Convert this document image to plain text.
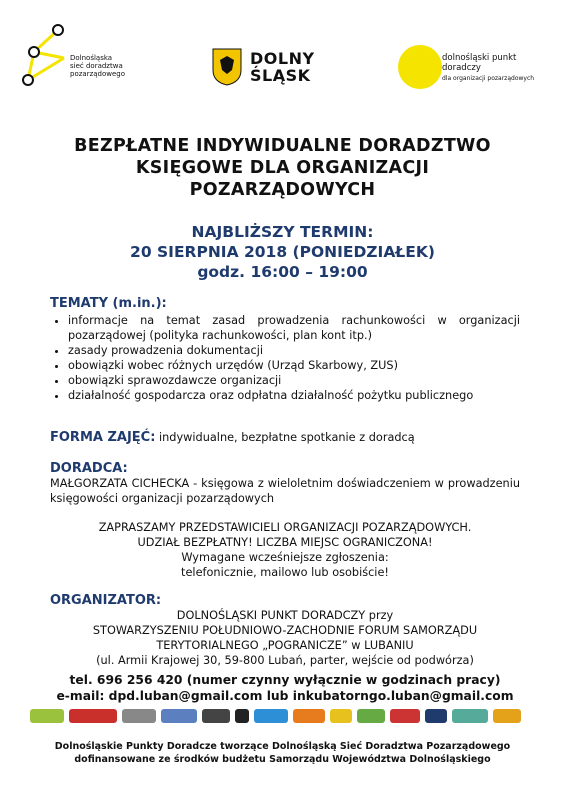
Dolnośląska
sieć doradztwa
pozarządowego
DOLNY
ŚLĄSK
dolnośląski punkt
doradczy
dla organizacji pozarządowych
BEZPŁATNE INDYWIDUALNE DORADZTWO
KSIĘGOWE DLA ORGANIZACJI
POZARZĄDOWYCH
NAJBLIŻSZY TERMIN:
20 SIERPNIA 2018 (PONIEDZIAŁEK)
godz. 16:00 – 19:00
TEMATY (m.in.):
• informacje na temat zasad prowadzenia rachunkowości w organizacji pozarządowej (polityka rachunkowości, plan kont itp.)
• zasady prowadzenia dokumentacji
• obowiązki wobec różnych urzędów (Urząd Skarbowy, ZUS)
• obowiązki sprawozdawcze organizacji
• działalność gospodarcza oraz odpłatna działalność pożytku publicznego
FORMA ZAJĘĆ: indywidualne, bezpłatne spotkanie z doradcą
DORADCA:
MAŁGORZATA CICHECKA - księgowa z wieloletnim doświadczeniem w prowadzeniu księgowości organizacji pozarządowych
ZAPRASZAMY PRZEDSTAWICIELI ORGANIZACJI POZARZĄDOWYCH.
UDZIAŁ BEZPŁATNY! LICZBA MIEJSC OGRANICZONA!
Wymagane wcześniejsze zgłoszenia:
telefonicznie, mailowo lub osobiście!
ORGANIZATOR:
DOLNOŚLĄSKI PUNKT DORADCZY przy
STOWARZYSZENIU POŁUDNIOWO-ZACHODNIE FORUM SAMORZĄDU
TERYTORIALNEGO „POGRANICZE” w LUBANIU
(ul. Armii Krajowej 30, 59-800 Lubań, parter, wejście od podwórza)
tel. 696 256 420 (numer czynny wyłącznie w godzinach pracy)
e-mail: dpd.luban@gmail.com lub inkubatorngo.luban@gmail.com
Dolnośląskie Punkty Doradcze tworzące Dolnośląską Sieć Doradztwa Pozarządowego
dofinansowane ze środków budżetu Samorządu Województwa Dolnośląskiego
